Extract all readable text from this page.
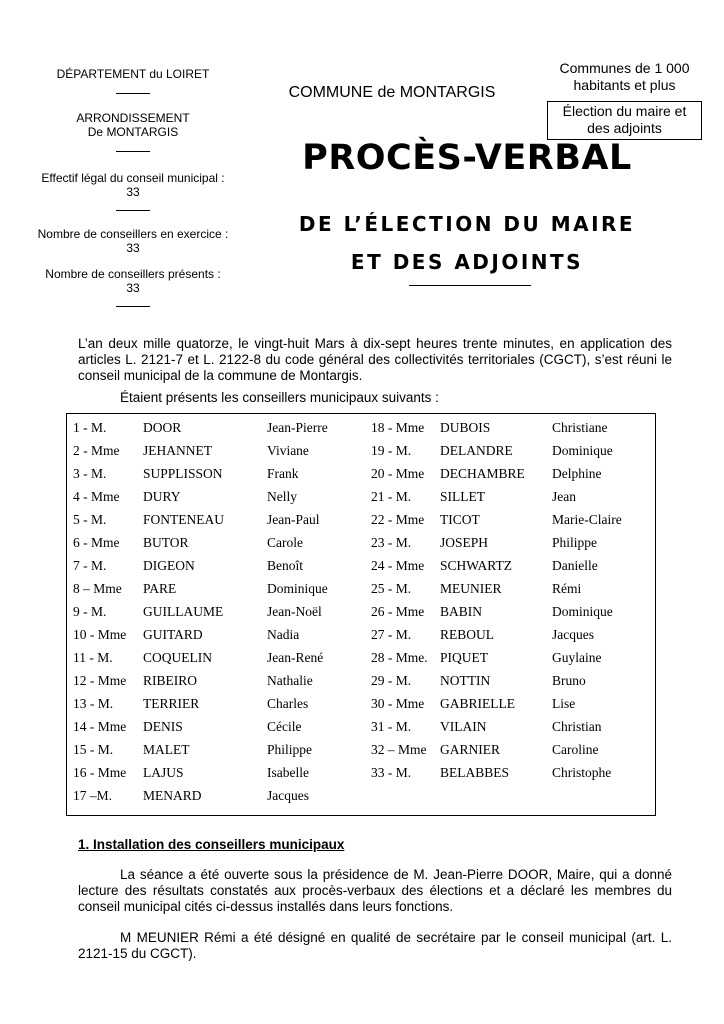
DÉPARTEMENT du LOIRET
ARRONDISSEMENT
De MONTARGIS
Effectif légal du conseil municipal :
33
Nombre de conseillers en exercice :
33
Nombre de conseillers présents :
33
COMMUNE de MONTARGIS
Communes de 1 000
habitants et plus
Élection du maire et
des adjoints
PROCÈS-VERBAL
DE L’ÉLECTION DU MAIRE
ET DES ADJOINTS
L’an deux mille quatorze, le vingt-huit Mars à dix-sept heures trente minutes, en application des articles L. 2121-7 et L. 2122-8 du code général des collectivités territoriales (CGCT), s’est réuni le conseil municipal de la commune de Montargis.
Étaient présents les conseillers municipaux suivants :
1 - M.	DOOR	Jean-Pierre
2 - Mme JEHANNET	Viviane
3 - M.	SUPPLISSON	Frank
4 - Mme DURY	Nelly
5 - M.	FONTENEAU	Jean-Paul
6 - Mme BUTOR	Carole
7 - M.	DIGEON	Benoît
8 – Mme PARE	Dominique
9 - M.	GUILLAUME	Jean-Noël
10 - Mme GUITARD	Nadia
11 - M. COQUELIN	Jean-René
12 - Mme RIBEIRO	Nathalie
13 - M. TERRIER	Charles
14 - Mme DENIS	Cécile
15 - M. MALET	Philippe
16 - Mme LAJUS	Isabelle
17 –M. MENARD	Jacques
18 - Mme DUBOIS	Christiane
19 - M. DELANDRE	Dominique
20 - Mme DECHAMBRE Delphine
21 - M. SILLET	Jean
22 - Mme TICOT	Marie-Claire
23 - M. JOSEPH	Philippe
24 - Mme SCHWARTZ	Danielle
25 - M. MEUNIER	Rémi
26 - Mme BABIN	Dominique
27 - M. REBOUL	Jacques
28 - Mme. PIQUET	Guylaine
29 - M. NOTTIN	Bruno
30 - Mme GABRIELLE	Lise
31 - M. VILAIN	Christian
32 – Mme GARNIER	Caroline
33 - M. BELABBES	Christophe
1. Installation des conseillers municipaux
La séance a été ouverte sous la présidence de M. Jean-Pierre DOOR, Maire, qui a donné lecture des résultats constatés aux procès-verbaux des élections et a déclaré les membres du conseil municipal cités ci-dessus installés dans leurs fonctions.
M MEUNIER Rémi a été désigné en qualité de secrétaire par le conseil municipal (art. L. 2121-15 du CGCT).
